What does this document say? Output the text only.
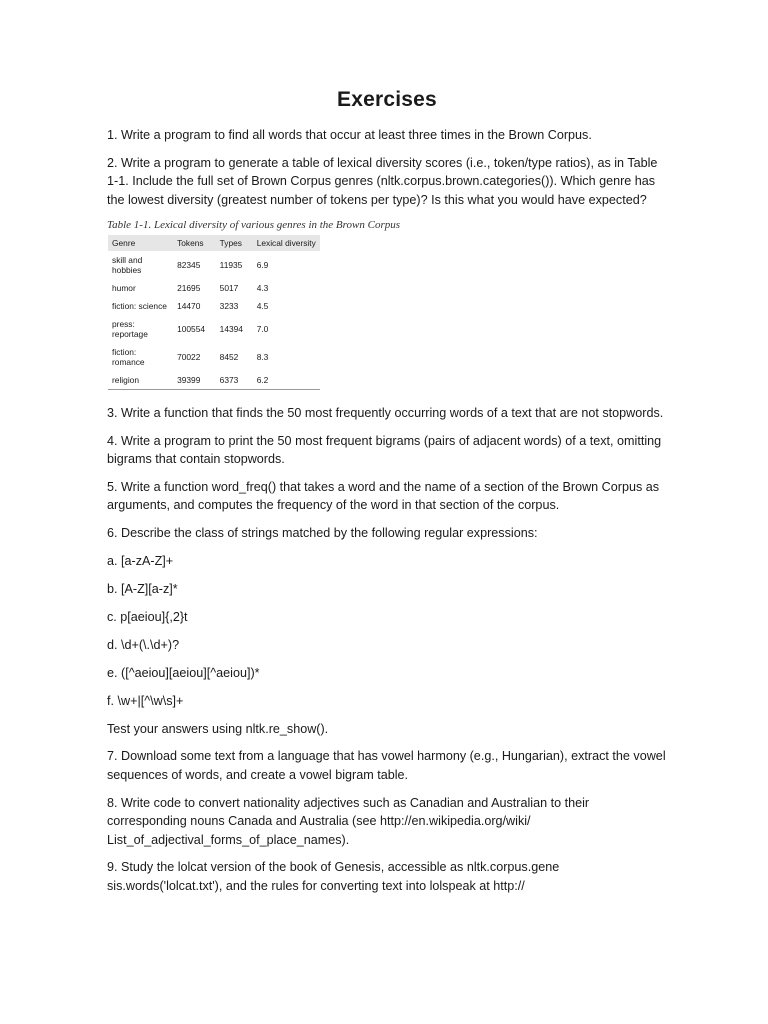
Exercises

1. Write a program to find all words that occur at least three times in the Brown Corpus.

2. Write a program to generate a table of lexical diversity scores (i.e., token/type ratios), as in Table 1-1. Include the full set of Brown Corpus genres (nltk.corpus.brown.categories()). Which genre has the lowest diversity (greatest number of tokens per type)? Is this what you would have expected?

Table 1-1. Lexical diversity of various genres in the Brown Corpus
Genre	Tokens	Types	Lexical diversity
skill and hobbies	82345	11935	6.9
humor	21695	5017	4.3
fiction: science	14470	3233	4.5
press: reportage	100554	14394	7.0
fiction: romance	70022	8452	8.3
religion	39399	6373	6.2

3. Write a function that finds the 50 most frequently occurring words of a text that are not stopwords.

4. Write a program to print the 50 most frequent bigrams (pairs of adjacent words) of a text, omitting bigrams that contain stopwords.

5. Write a function word_freq() that takes a word and the name of a section of the Brown Corpus as arguments, and computes the frequency of the word in that section of the corpus.

6. Describe the class of strings matched by the following regular expressions:

a. [a-zA-Z]+

b. [A-Z][a-z]*

c. p[aeiou]{,2}t

d. \d+(\.\d+)?

e. ([^aeiou][aeiou][^aeiou])*

f. \w+|[^\w\s]+

Test your answers using nltk.re_show().

7. Download some text from a language that has vowel harmony (e.g., Hungarian), extract the vowel sequences of words, and create a vowel bigram table.

8. Write code to convert nationality adjectives such as Canadian and Australian to their corresponding nouns Canada and Australia (see http://en.wikipedia.org/wiki/ List_of_adjectival_forms_of_place_names).

9. Study the lolcat version of the book of Genesis, accessible as nltk.corpus.gene sis.words('lolcat.txt'), and the rules for converting text into lolspeak at http://
